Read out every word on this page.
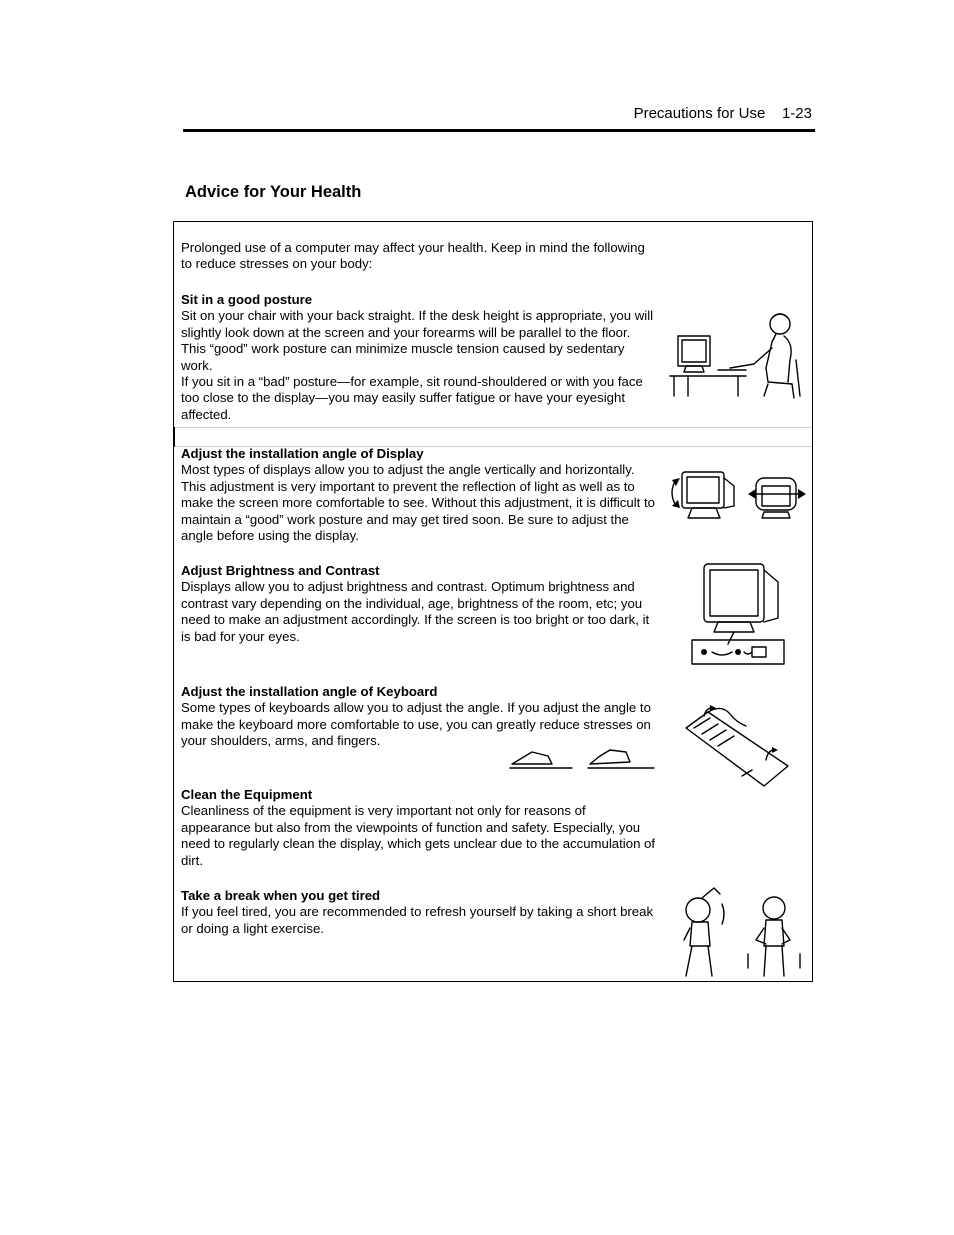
Precautions for Use 1-23
Advice for Your Health

Prolonged use of a computer may affect your health. Keep in mind the following to reduce stresses on your body:

Sit in a good posture

Sit on your chair with your back straight. If the desk height is appropriate, you will slightly look down at the screen and your forearms will be parallel to the floor. This “good” work posture can minimize muscle tension caused by sedentary work.

If you sit in a “bad” posture—for example, sit round-shouldered or with you face too close to the display—you may easily suffer fatigue or have your eyesight affected.

Adjust the installation angle of Display

Most types of displays allow you to adjust the angle vertically and horizontally. This adjustment is very important to prevent the reflection of light as well as to make the screen more comfortable to see. Without this adjustment, it is difficult to maintain a “good” work posture and may get tired soon. Be sure to adjust the angle before using the display.

Adjust Brightness and Contrast

Displays allow you to adjust brightness and contrast. Optimum brightness and contrast vary depending on the individual, age, brightness of the room, etc; you need to make an adjustment accordingly. If the screen is too bright or too dark, it is bad for your eyes.

Adjust the installation angle of Keyboard

Some types of keyboards allow you to adjust the angle. If you adjust the angle to make the keyboard more comfortable to use, you can greatly reduce stresses on your shoulders, arms, and fingers.

Clean the Equipment

Cleanliness of the equipment is very important not only for reasons of appearance but also from the viewpoints of function and safety. Especially, you need to regularly clean the display, which gets unclear due to the accumulation of dirt.

Take a break when you get tired

If you feel tired, you are recommended to refresh yourself by taking a short break or doing a light exercise.
